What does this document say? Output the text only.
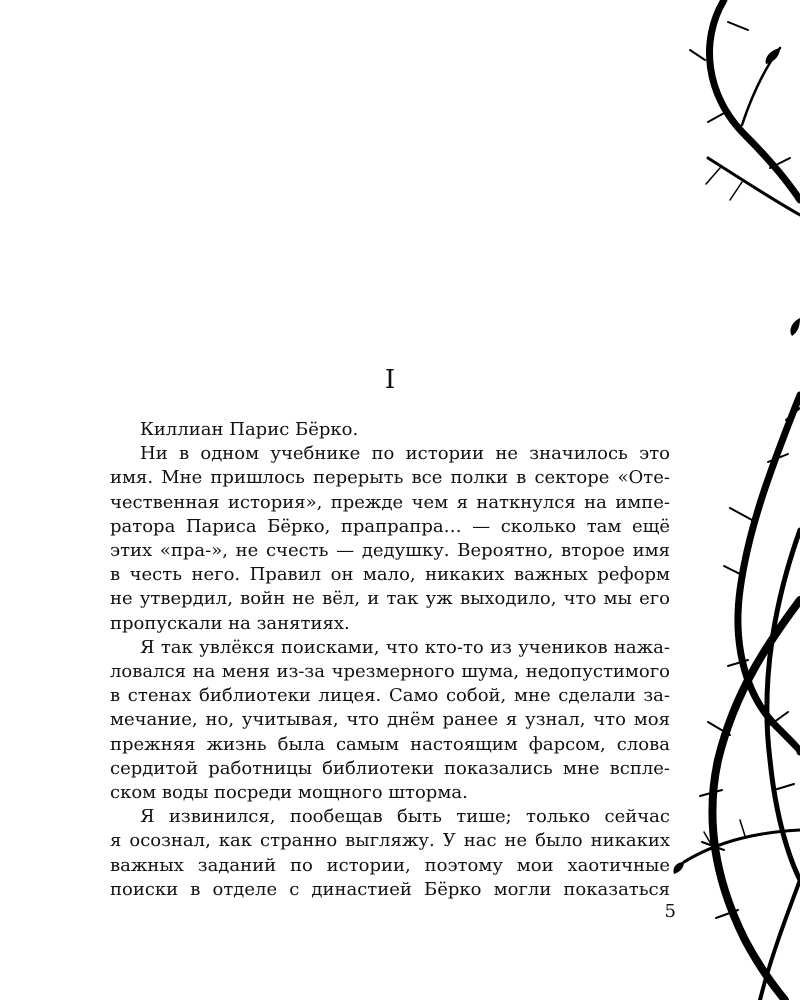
I
Киллиан Парис Бёрко.
Ни в одном учебнике по истории не значилось это
имя. Мне пришлось перерыть все полки в секторе «Оте-
чественная история», прежде чем я наткнулся на импе-
ратора Париса Бёрко, прапрапра… — сколько там ещё
этих «пра-», не счесть — дедушку. Вероятно, второе имя
в честь него. Правил он мало, никаких важных реформ
не утвердил, войн не вёл, и так уж выходило, что мы его
пропускали на занятиях.
Я так увлёкся поисками, что кто-то из учеников нажа-
ловался на меня из-за чрезмерного шума, недопустимого
в стенах библиотеки лицея. Само собой, мне сделали за-
мечание, но, учитывая, что днём ранее я узнал, что моя
прежняя жизнь была самым настоящим фарсом, слова
сердитой работницы библиотеки показались мне вспле-
ском воды посреди мощного шторма.
Я извинился, пообещав быть тише; только сейчас
я осознал, как странно выгляжу. У нас не было никаких
важных заданий по истории, поэтому мои хаотичные
поиски в отделе с династией Бёрко могли показаться
5
